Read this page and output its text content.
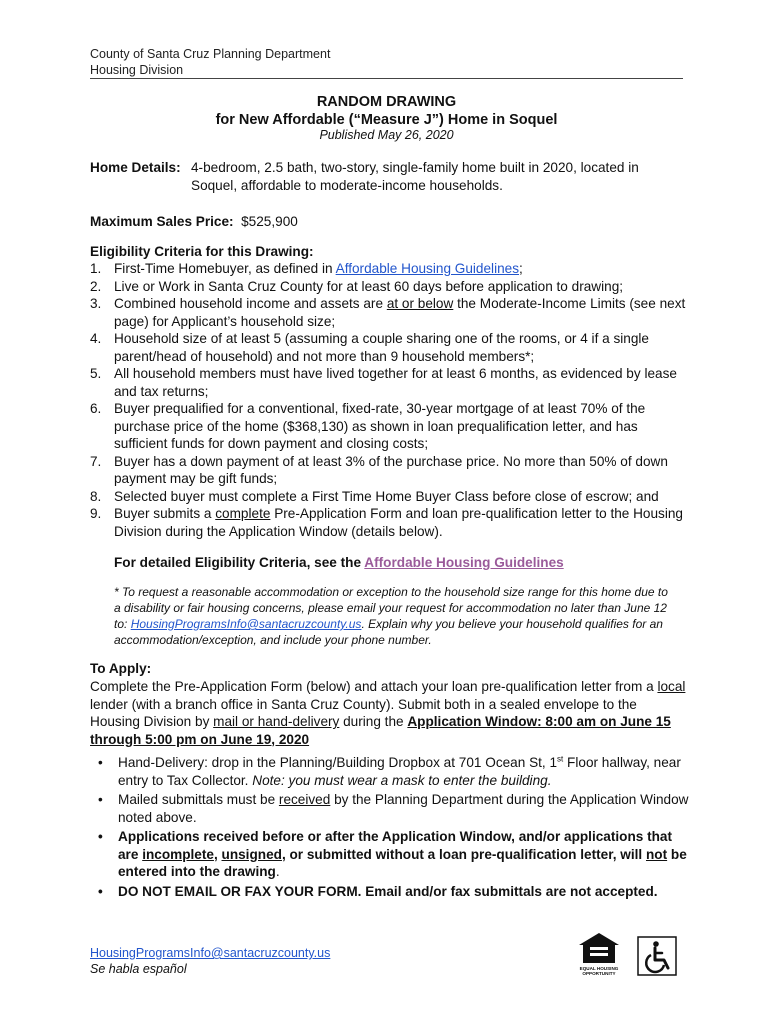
County of Santa Cruz Planning Department
Housing Division
RANDOM DRAWING
for New Affordable (“Measure J”) Home in Soquel
Published May 26, 2020
Home Details: 4-bedroom, 2.5 bath, two-story, single-family home built in 2020, located in
Soquel, affordable to moderate-income households.
Maximum Sales Price: $525,900
Eligibility Criteria for this Drawing:
1. First-Time Homebuyer, as defined in Affordable Housing Guidelines;
2. Live or Work in Santa Cruz County for at least 60 days before application to drawing;
3. Combined household income and assets are at or below the Moderate-Income Limits (see next page) for Applicant’s household size;
4. Household size of at least 5 (assuming a couple sharing one of the rooms, or 4 if a single parent/head of household) and not more than 9 household members*;
5. All household members must have lived together for at least 6 months, as evidenced by lease and tax returns;
6. Buyer prequalified for a conventional, fixed-rate, 30-year mortgage of at least 70% of the purchase price of the home ($368,130) as shown in loan prequalification letter, and has sufficient funds for down payment and closing costs;
7. Buyer has a down payment of at least 3% of the purchase price. No more than 50% of down payment may be gift funds;
8. Selected buyer must complete a First Time Home Buyer Class before close of escrow; and
9. Buyer submits a complete Pre-Application Form and loan pre-qualification letter to the Housing Division during the Application Window (details below).
For detailed Eligibility Criteria, see the Affordable Housing Guidelines
* To request a reasonable accommodation or exception to the household size range for this home due to a disability or fair housing concerns, please email your request for accommodation no later than June 12 to: HousingProgramsInfo@santacruzcounty.us. Explain why you believe your household qualifies for an accommodation/exception, and include your phone number.
To Apply:
Complete the Pre-Application Form (below) and attach your loan pre-qualification letter from a local lender (with a branch office in Santa Cruz County). Submit both in a sealed envelope to the Housing Division by mail or hand-delivery during the Application Window: 8:00 am on June 15 through 5:00 pm on June 19, 2020
• Hand-Delivery: drop in the Planning/Building Dropbox at 701 Ocean St, 1st Floor hallway, near entry to Tax Collector. Note: you must wear a mask to enter the building.
• Mailed submittals must be received by the Planning Department during the Application Window noted above.
• Applications received before or after the Application Window, and/or applications that are incomplete, unsigned, or submitted without a loan pre-qualification letter, will not be entered into the drawing.
• DO NOT EMAIL OR FAX YOUR FORM. Email and/or fax submittals are not accepted.
HousingProgramsInfo@santacruzcounty.us
Se habla español	EQUAL HOUSING
OPPORTUNITY
